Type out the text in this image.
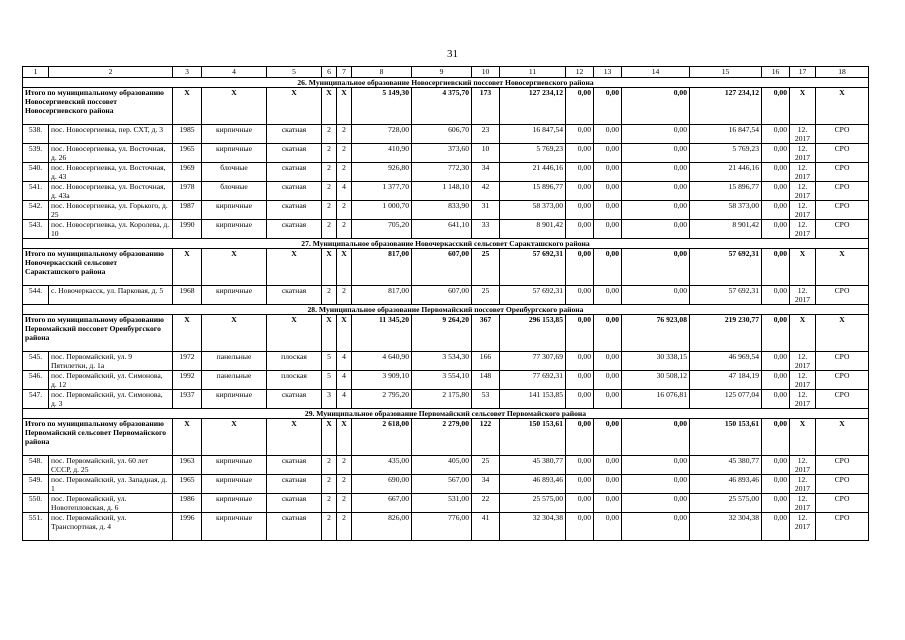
31
1	2	3	4	5	6	7	8	9	10	11	12	13	14	15	16	17	18
26. Муниципальное образование Новосергиевский поссовет Новосергиевского района																	
Итого по муниципальному образованию Новосергиевский поссовет Новосергиевского района		X	X	X	X	X	5 149,30	4 375,70	173	127 234,12	0,00	0,00	0,00	127 234,12	0,00	X	X
538.	пос. Новосергиевка, пер. СХТ, д. 3	1985	кирпичные	скатная	2	2	728,00	606,70	23	16 847,54	0,00	0,00	0,00	16 847,54	0,00	12. 2017	СРО
539.	пос. Новосергиевка, ул. Восточная, д. 26	1965	кирпичные	скатная	2	2	410,90	373,60	10	5 769,23	0,00	0,00	0,00	5 769,23	0,00	12. 2017	СРО
540.	пос. Новосергиевка, ул. Восточная, д. 43	1969	блочные	скатная	2	2	926,80	772,30	34	21 446,16	0,00	0,00	0,00	21 446,16	0,00	12. 2017	СРО
541.	пос. Новосергиевка, ул. Восточная, д. 43а	1978	блочные	скатная	2	4	1 377,70	1 148,10	42	15 896,77	0,00	0,00	0,00	15 896,77	0,00	12. 2017	СРО
542.	пос. Новосергиевка, ул. Горького, д. 25	1987	кирпичные	скатная	2	2	1 000,70	833,90	31	58 373,00	0,00	0,00	0,00	58 373,00	0,00	12. 2017	СРО
543.	пос. Новосергиевка, ул. Королева, д. 10	1990	кирпичные	скатная	2	2	705,20	641,10	33	8 901,42	0,00	0,00	0,00	8 901,42	0,00	12. 2017	СРО
27. Муниципальное образование Новочеркасский сельсовет Саракташского района																	
Итого по муниципальному образованию Новочеркасский сельсовет Саракташского района		X	X	X	X	X	817,00	607,00	25	57 692,31	0,00	0,00	0,00	57 692,31	0,00	X	X
544.	с. Новочеркасск, ул. Парковая, д. 5	1968	кирпичные	скатная	2	2	817,00	607,00	25	57 692,31	0,00	0,00	0,00	57 692,31	0,00	12. 2017	СРО
28. Муниципальное образование Первомайский поссовет Оренбургского района																	
Итого по муниципальному образованию Первомайский поссовет Оренбургского района		X	X	X	X	X	11 345,20	9 264,20	367	296 153,85	0,00	0,00	76 923,08	219 230,77	0,00	X	X
545.	пос. Первомайский, ул. 9 Пятилетки, д. 1а	1972	панельные	плоская	5	4	4 640,90	3 534,30	166	77 307,69	0,00	0,00	30 338,15	46 969,54	0,00	12. 2017	СРО
546.	пос. Первомайский, ул. Симонова, д. 12	1992	панельные	плоская	5	4	3 909,10	3 554,10	148	77 692,31	0,00	0,00	30 508,12	47 184,19	0,00	12. 2017	СРО
547.	пос. Первомайский, ул. Симонова, д. 3	1937	кирпичные	скатная	3	4	2 795,20	2 175,80	53	141 153,85	0,00	0,00	16 076,81	125 077,04	0,00	12. 2017	СРО
29. Муниципальное образование Первомайский сельсовет Первомайского района																	
Итого по муниципальному образованию Первомайский сельсовет Первомайского района		X	X	X	X	X	2 618,00	2 279,00	122	150 153,61	0,00	0,00	0,00	150 153,61	0,00	X	X
548.	пос. Первомайский, ул. 60 лет СССР, д. 25	1963	кирпичные	скатная	2	2	435,00	405,00	25	45 380,77	0,00	0,00	0,00	45 380,77	0,00	12. 2017	СРО
549.	пос. Первомайский, ул. Западная, д. 1	1965	кирпичные	скатная	2	2	690,00	567,00	34	46 893,46	0,00	0,00	0,00	46 893,46	0,00	12. 2017	СРО
550.	пос. Первомайский, ул. Новотепловская, д. 6	1986	кирпичные	скатная	2	2	667,00	531,00	22	25 575,00	0,00	0,00	0,00	25 575,00	0,00	12. 2017	СРО
551.	пос. Первомайский, ул. Транспортная, д. 4	1996	кирпичные	скатная	2	2	826,00	776,00	41	32 304,38	0,00	0,00	0,00	32 304,38	0,00	12. 2017	СРО
